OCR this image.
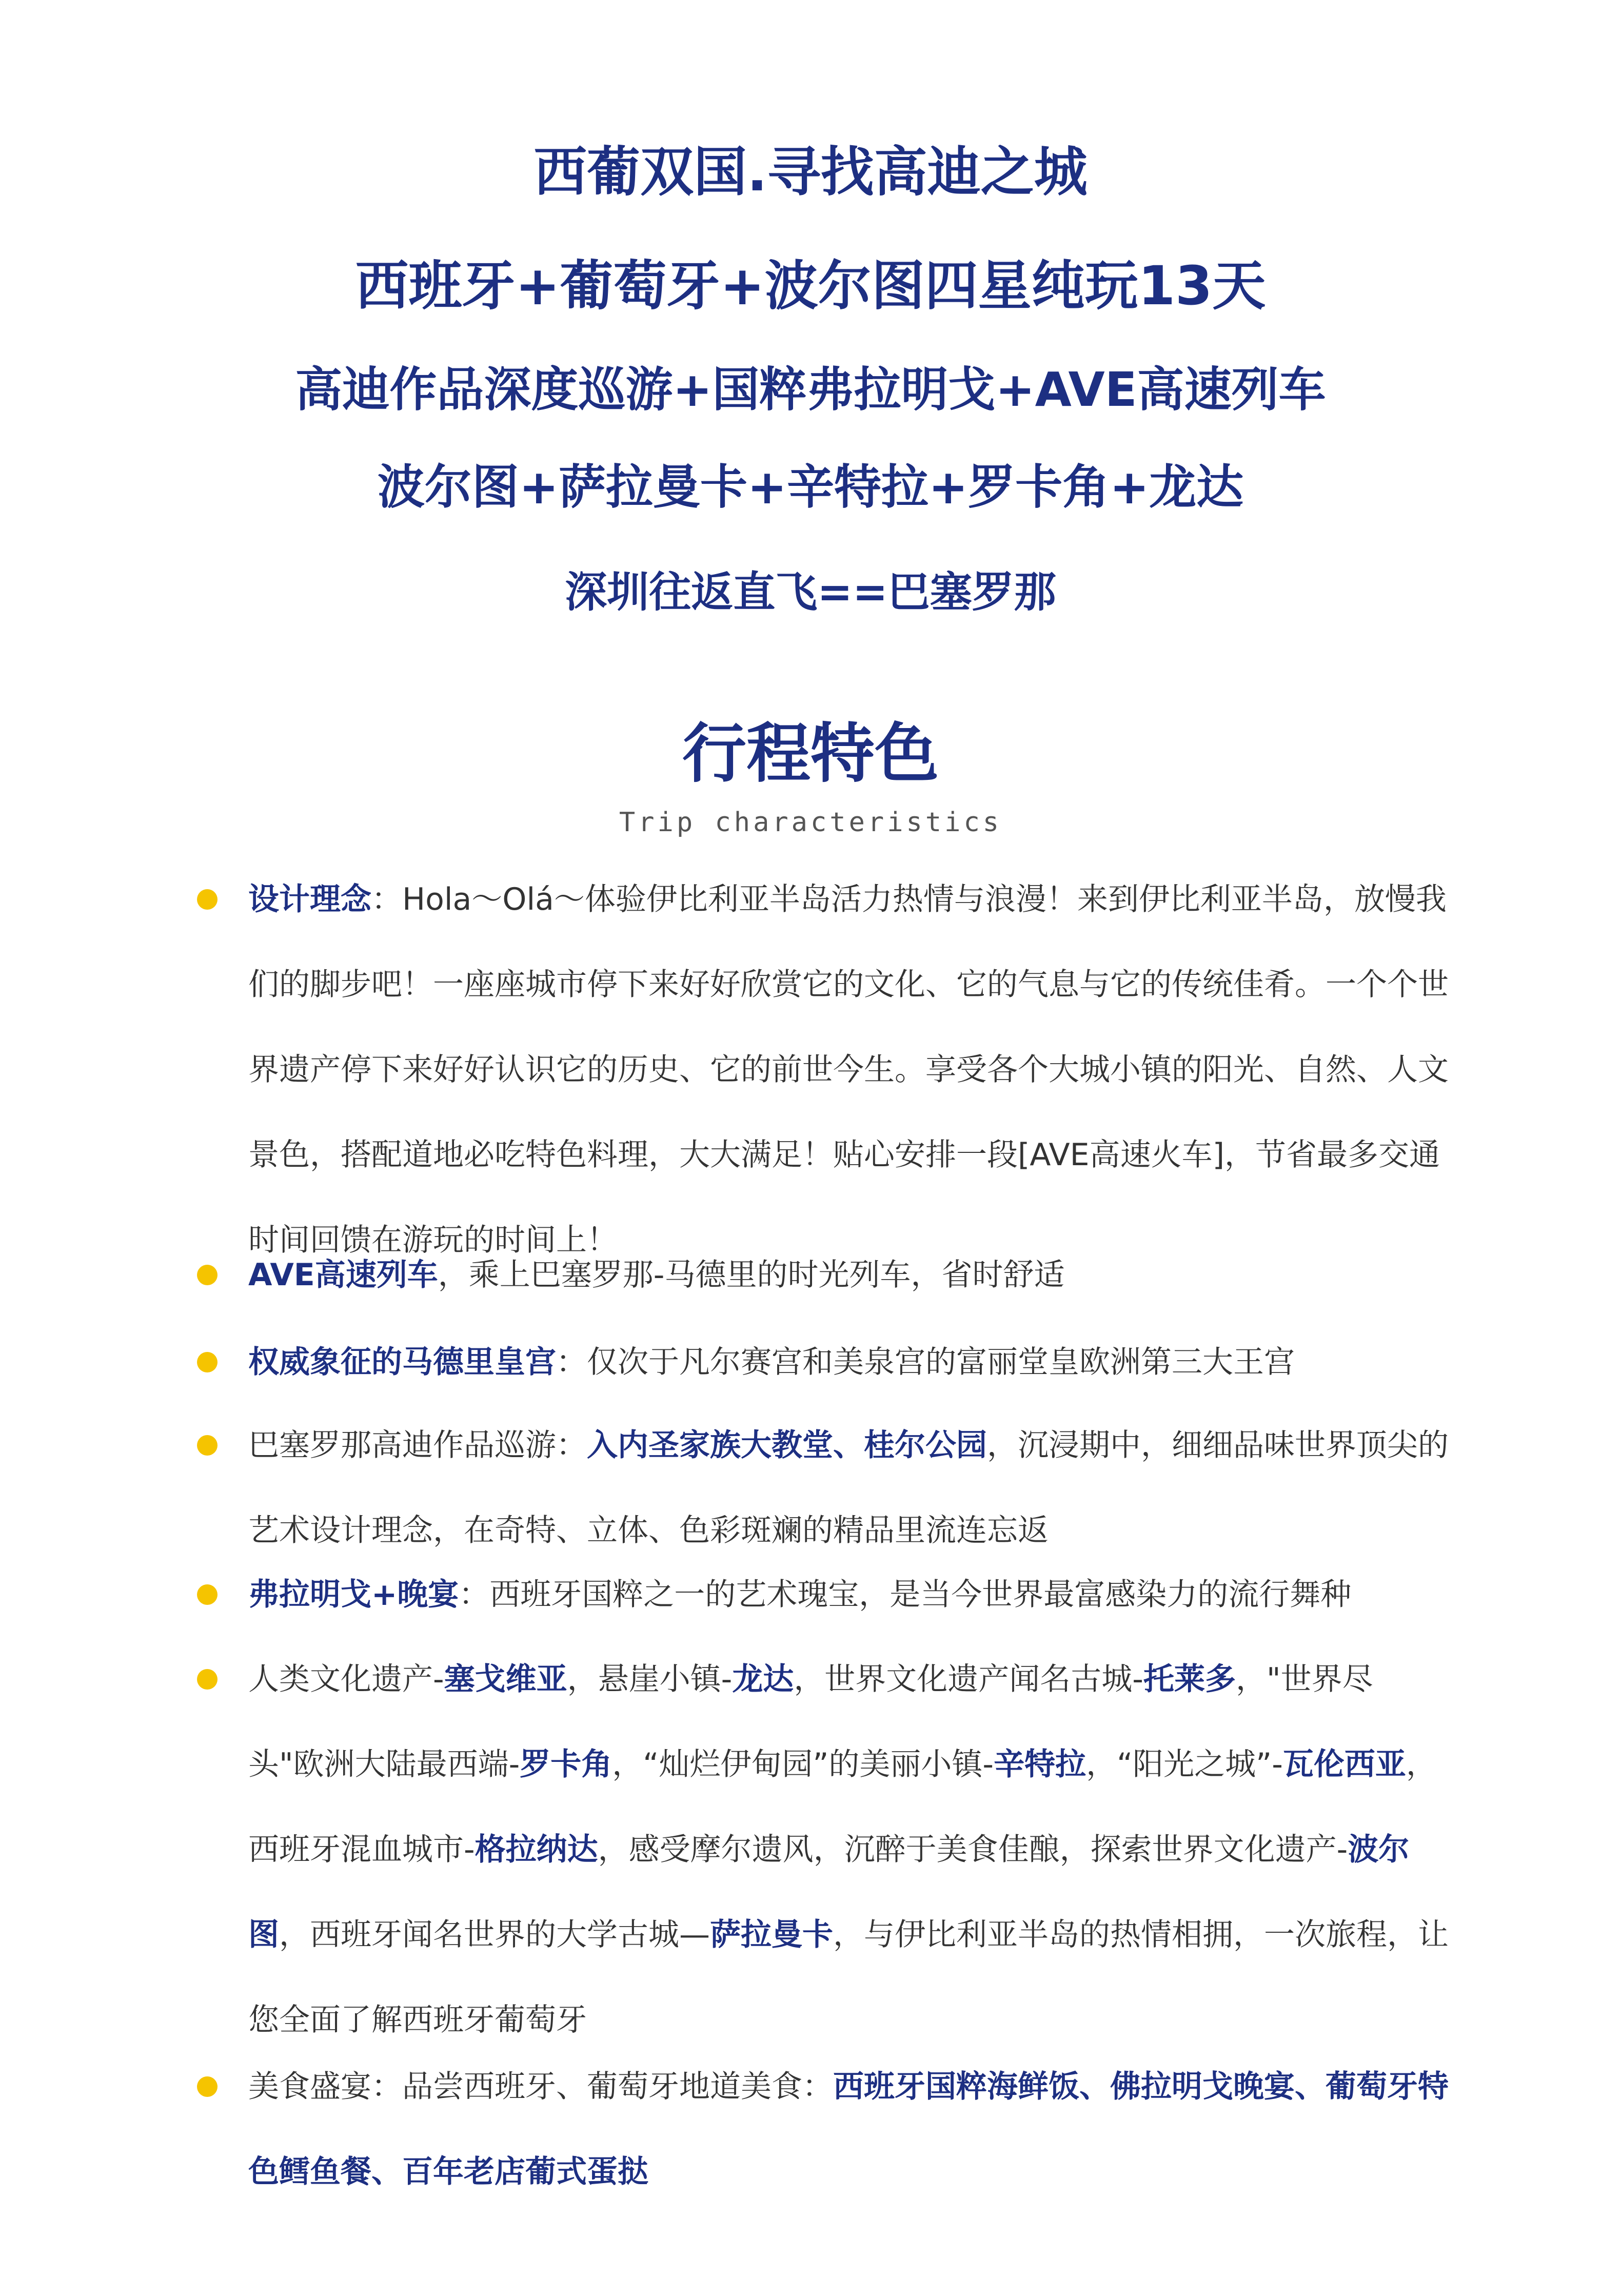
西葡双国.寻找高迪之城
西班牙+葡萄牙+波尔图四星纯玩13天
高迪作品深度巡游+国粹弗拉明戈+AVE高速列车
波尔图+萨拉曼卡+辛特拉+罗卡角+龙达
深圳往返直飞==巴塞罗那
行程特色

Trip characteristics

设计理念：Hola～Olá～体验伊比利亚半岛活力热情与浪漫！来到伊比利亚半岛，放慢我们的脚步吧！一座座城市停下来好好欣赏它的文化、它的气息与它的传统佳肴。一个个世界遗产停下来好好认识它的历史、它的前世今生。享受各个大城小镇的阳光、自然、人文景色，搭配道地必吃特色料理，大大满足！贴心安排一段[AVE高速火车]，节省最多交通时间回馈在游玩的时间上！
AVE高速列车，乘上巴塞罗那-马德里的时光列车，省时舒适
权威象征的马德里皇宫：仅次于凡尔赛宫和美泉宫的富丽堂皇欧洲第三大王宫
巴塞罗那高迪作品巡游：入内圣家族大教堂、桂尔公园，沉浸期中，细细品味世界顶尖的艺术设计理念，在奇特、立体、色彩斑斓的精品里流连忘返
弗拉明戈+晚宴：西班牙国粹之一的艺术瑰宝，是当今世界最富感染力的流行舞种
人类文化遗产-塞戈维亚，悬崖小镇-龙达，世界文化遗产闻名古城-托莱多，"世界尽头"欧洲大陆最西端-罗卡角，“灿烂伊甸园”的美丽小镇-辛特拉，“阳光之城”-瓦伦西亚，西班牙混血城市-格拉纳达，感受摩尔遗风，沉醉于美食佳酿，探索世界文化遗产-波尔图，西班牙闻名世界的大学古城—萨拉曼卡，与伊比利亚半岛的热情相拥，一次旅程，让您全面了解西班牙葡萄牙
美食盛宴：品尝西班牙、葡萄牙地道美食：西班牙国粹海鲜饭、佛拉明戈晚宴、葡萄牙特色鳕鱼餐、百年老店葡式蛋挞
